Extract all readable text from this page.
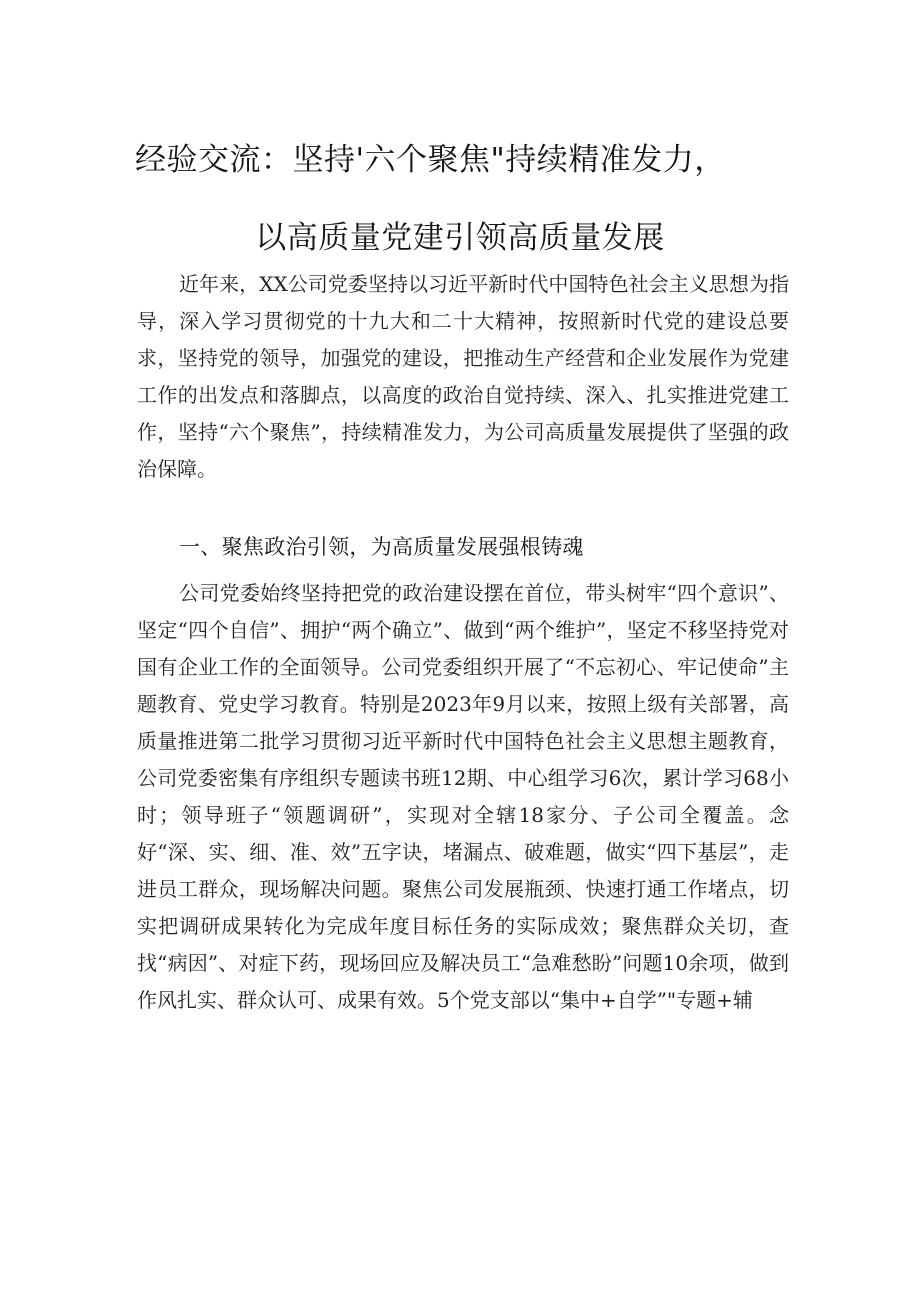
经验交流：坚持'六个聚焦"持续精准发力，
以高质量党建引领高质量发展

近年来，XX公司党委坚持以习近平新时代中国特色社会主义思想为指导，深入学习贯彻党的十九大和二十大精神，按照新时代党的建设总要求，坚持党的领导，加强党的建设，把推动生产经营和企业发展作为党建工作的出发点和落脚点，以高度的政治自觉持续、深入、扎实推进党建工作，坚持“六个聚焦”，持续精准发力，为公司高质量发展提供了坚强的政治保障。

一、聚焦政治引领，为高质量发展强根铸魂

公司党委始终坚持把党的政治建设摆在首位，带头树牢“四个意识”、坚定“四个自信”、拥护“两个确立”、做到“两个维护”，坚定不移坚持党对国有企业工作的全面领导。公司党委组织开展了“不忘初心、牢记使命”主题教育、党史学习教育。特别是2023年9月以来，按照上级有关部署，高质量推进第二批学习贯彻习近平新时代中国特色社会主义思想主题教育，公司党委密集有序组织专题读书班12期、中心组学习6次，累计学习68小时；领导班子“领题调研”，实现对全辖18家分、子公司全覆盖。念好“深、实、细、准、效”五字诀，堵漏点、破难题，做实“四下基层”，走进员工群众，现场解决问题。聚焦公司发展瓶颈、快速打通工作堵点，切实把调研成果转化为完成年度目标任务的实际成效；聚焦群众关切，查找“病因”、对症下药，现场回应及解决员工“急难愁盼”问题10余项，做到作风扎实、群众认可、成果有效。5个党支部以“集中+自学”"专题+辅
